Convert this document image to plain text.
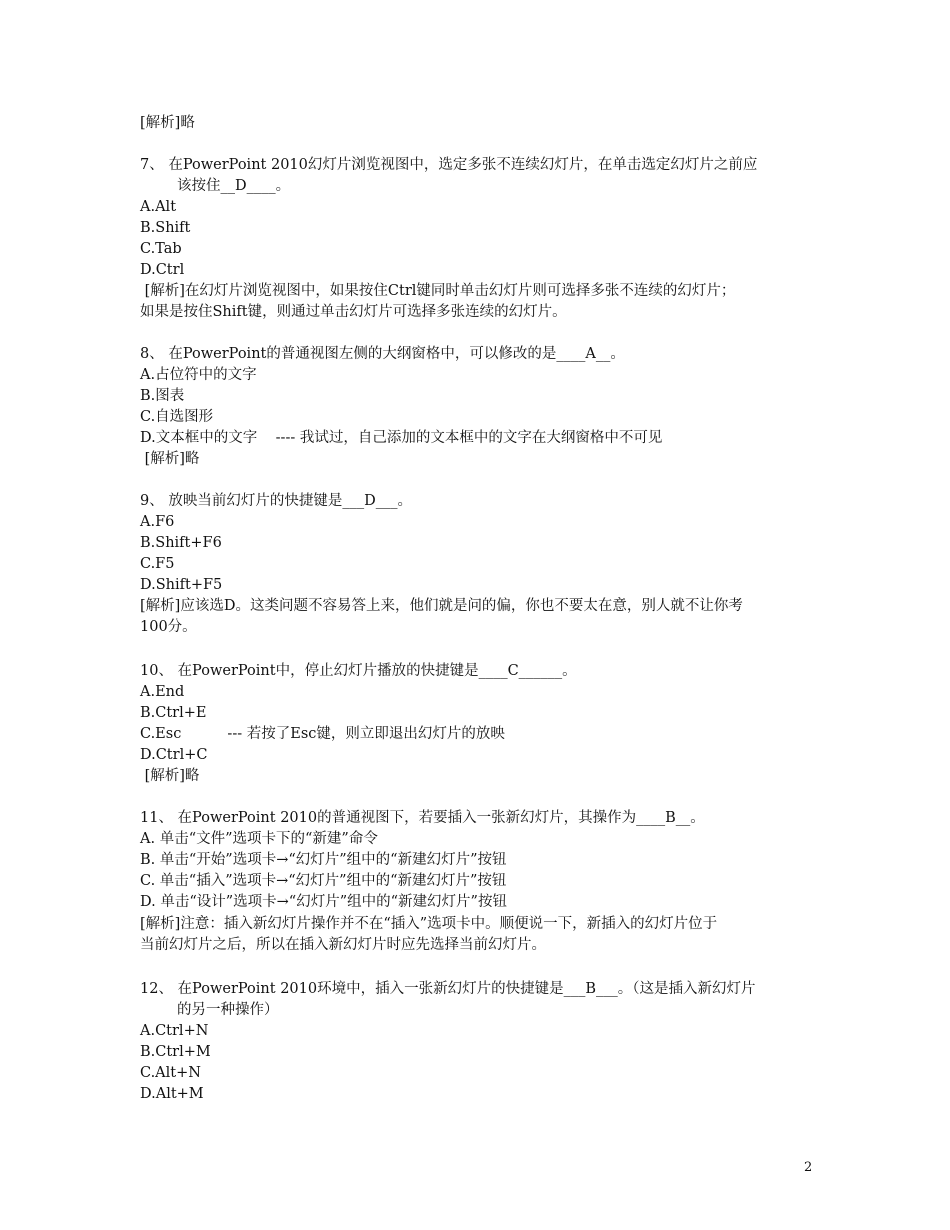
[解析]略
7、 在PowerPoint 2010幻灯片浏览视图中，选定多张不连续幻灯片，在单击选定幻灯片之前应
该按住__D____。
A.Alt
B.Shift
C.Tab
D.Ctrl
[解析]在幻灯片浏览视图中，如果按住Ctrl键同时单击幻灯片则可选择多张不连续的幻灯片；
如果是按住Shift键，则通过单击幻灯片可选择多张连续的幻灯片。
8、 在PowerPoint的普通视图左侧的大纲窗格中，可以修改的是____A__。
A.占位符中的文字
B.图表
C.自选图形
D.文本框中的文字    ---- 我试过，自己添加的文本框中的文字在大纲窗格中不可见
[解析]略
9、 放映当前幻灯片的快捷键是___D___。
A.F6
B.Shift+F6
C.F5
D.Shift+F5
[解析]应该选D。这类问题不容易答上来，他们就是问的偏，你也不要太在意，别人就不让你考
100分。
10、 在PowerPoint中，停止幻灯片播放的快捷键是____C______。
A.End
B.Ctrl+E
C.Esc          --- 若按了Esc键，则立即退出幻灯片的放映
D.Ctrl+C
[解析]略
11、 在PowerPoint 2010的普通视图下，若要插入一张新幻灯片，其操作为____B__。
A. 单击“文件”选项卡下的“新建”命令
B. 单击“开始”选项卡→“幻灯片”组中的“新建幻灯片”按钮
C. 单击“插入”选项卡→“幻灯片”组中的“新建幻灯片”按钮
D. 单击“设计”选项卡→“幻灯片”组中的“新建幻灯片”按钮
[解析]注意：插入新幻灯片操作并不在“插入”选项卡中。顺便说一下，新插入的幻灯片位于
当前幻灯片之后，所以在插入新幻灯片时应先选择当前幻灯片。
12、 在PowerPoint 2010环境中，插入一张新幻灯片的快捷键是___B___。（这是插入新幻灯片
的另一种操作）
A.Ctrl+N
B.Ctrl+M
C.Alt+N
D.Alt+M
2
